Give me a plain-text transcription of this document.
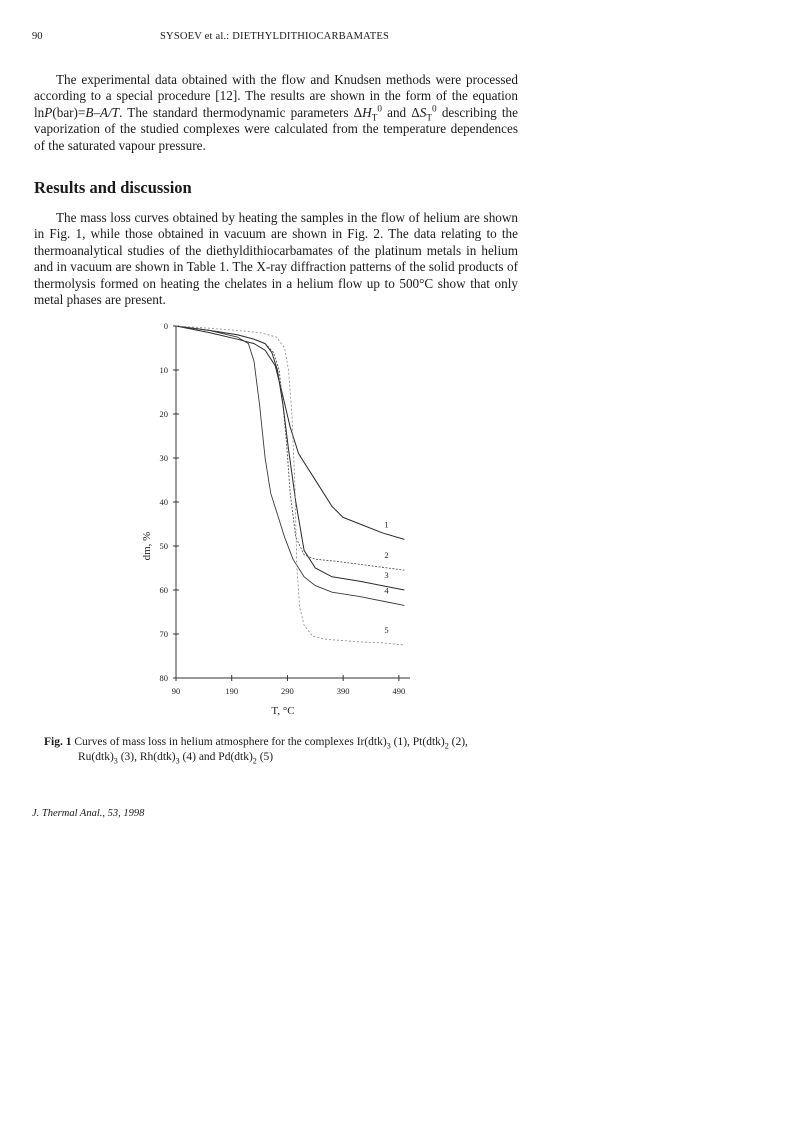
90	SYSOEV et al.: DIETHYLDITHIOCARBAMATES

The experimental data obtained with the flow and Knudsen methods were processed according to a special procedure [12]. The results are shown in the form of the equation lnP(bar)=B–A/T. The standard thermodynamic parameters $\Delta H_T^0$ and $\Delta S_T^0$ describing the vaporization of the studied complexes were calculated from the temperature dependences of the saturated vapour pressure.

Results and discussion

The mass loss curves obtained by heating the samples in the flow of helium are shown in Fig. 1, while those obtained in vacuum are shown in Fig. 2. The data relating to the thermoanalytical studies of the diethyldithiocarbamates of the platinum metals in helium and in vacuum are shown in Table 1. The X-ray diffraction patterns of the solid products of thermolysis formed on heating the chelates in a helium flow up to 500°C show that only metal phases are present.

0
10
20
30
40
50
60
70
80
90	190	290	390	490
T, °C
dm, %
1
2
3
4
5

Fig. 1 Curves of mass loss in helium atmosphere for the complexes $Ir(dtk)_3$ (1), $Pt(dtk)_2$ (2),
$Ru(dtk)_3$ (3), $Rh(dtk)_3$ (4) and $Pd(dtk)_2$ (5)

J. Thermal Anal., 53, 1998
